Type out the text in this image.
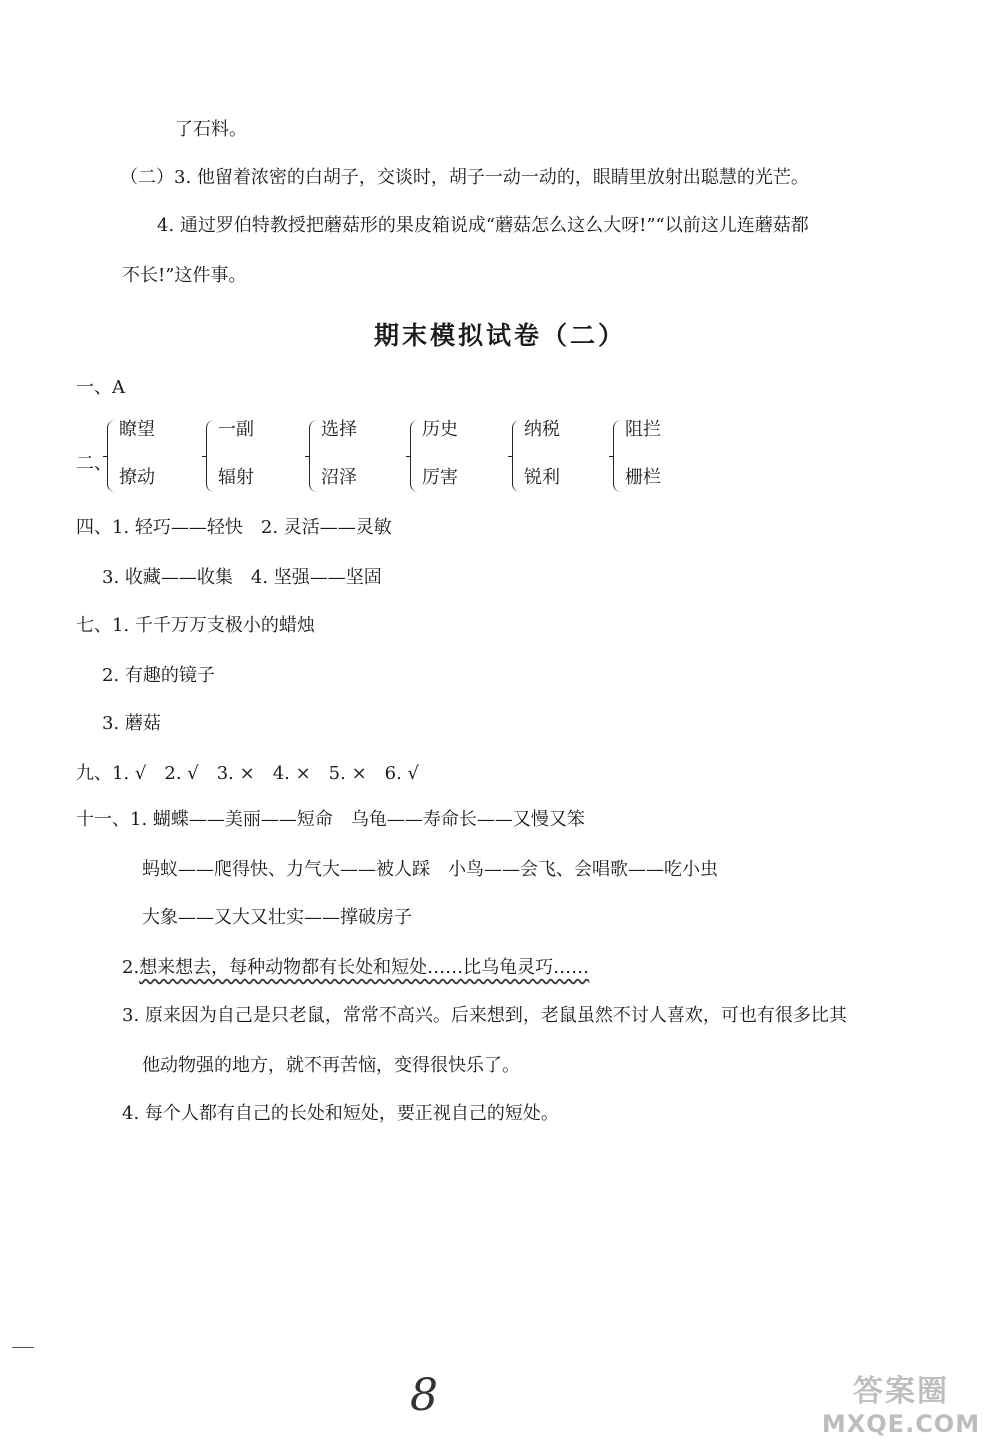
了石料。
（二）3. 他留着浓密的白胡子，交谈时，胡子一动一动的，眼睛里放射出聪慧的光芒。
4. 通过罗伯特教授把蘑菇形的果皮箱说成“蘑菇怎么这么大呀!”“以前这儿连蘑菇都
不长!”这件事。
期末模拟试卷（二）
一、A
二、
瞭望
撩动
一副
辐射
选择
沼泽
历史
厉害
纳税
锐利
阻拦
栅栏
四、1. 轻巧——轻快　2. 灵活——灵敏
3. 收藏——收集　4. 坚强——坚固
七、1. 千千万万支极小的蜡烛
2. 有趣的镜子
3. 蘑菇
九、1. √　2. √　3. ×　4. ×　5. ×　6. √
十一、1. 蝴蝶——美丽——短命　乌龟——寿命长——又慢又笨
蚂蚁——爬得快、力气大——被人踩　小鸟——会飞、会唱歌——吃小虫
大象——又大又壮实——撑破房子
2.想来想去，每种动物都有长处和短处……比乌龟灵巧……
3. 原来因为自己是只老鼠，常常不高兴。后来想到，老鼠虽然不讨人喜欢，可也有很多比其
他动物强的地方，就不再苦恼，变得很快乐了。
4. 每个人都有自己的长处和短处，要正视自己的短处。
8	答案圈
MXQE.COM
